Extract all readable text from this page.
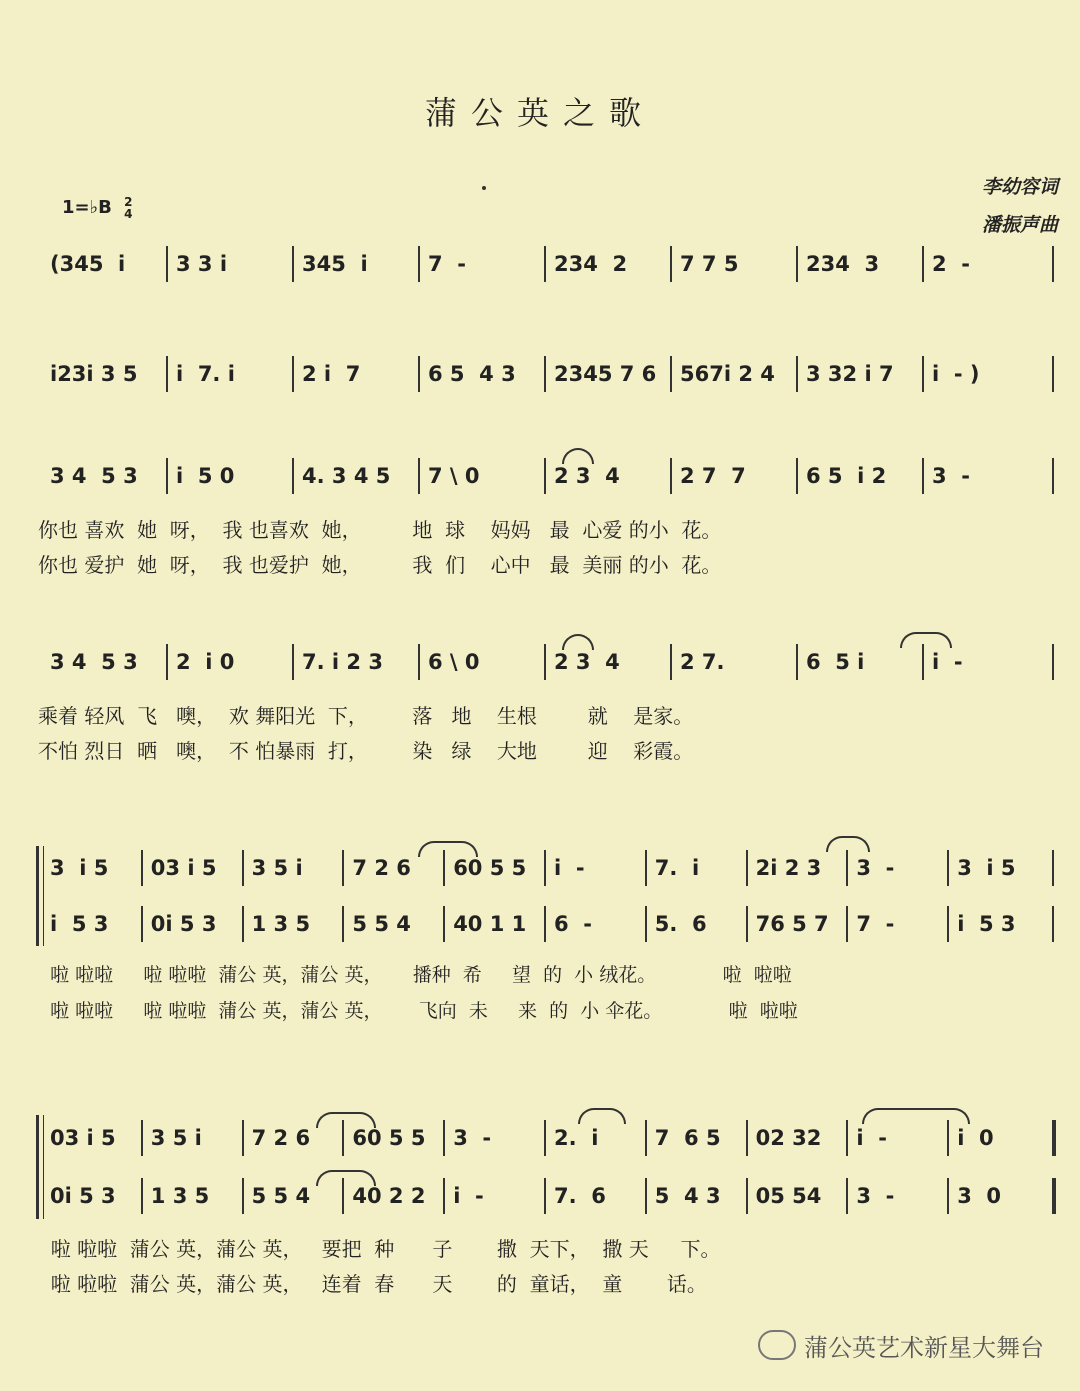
蒲公英之歌
李幼容词
潘振声曲
1=♭B 2
4
(345  i 3 3 i	345  i	7  -	234  2	7 7 5	234  3	2  -
i23i 3 5 i  7. i	2 i  7	6 5  4 3 2345 7 6 567i 2 4 3 32 i 7 i  - )
3 4  5 3 i  5 0	4. 3 4 5 7 \ 0	2 3  4	2 7  7	6 5  i 2 3  -
3 4  5 3 2  i 0	7. i 2 3 6 \ 0	2 3  4	2 7.	6  5 i	i  -
3  i 5 03 i 5 3 5 i 7 2 6 60 5 5 i  -	7.  i	2i 2 3 3  -	3  i 5
i  5 3 0i 5 3 1 3 5 5 5 4 40 1 1 6  -	5.  6 76 5 7 7  -	i  5 3
03 i 5 3 5 i 7 2 6 60 5 5 3  -	2.  i	7  6 5 02 32 i  -	i  0
0i 5 3 1 3 5 5 5 4 40 2 2 i  -	7.  6 5  4 3 05 54 3  -	3  0
你也 喜欢  她  呀，  我 也喜欢  她，        地  球    妈妈   最  心爱 的小  花。
你也 爱护  她  呀，  我 也爱护  她，        我  们    心中   最  美丽 的小  花。
乘着 轻风  飞   噢，  欢 舞阳光  下，       落   地    生根        就    是家。
不怕 烈日  晒   噢，  不 怕暴雨  打，       染   绿    大地        迎    彩霞。
啦 啦啦     啦 啦啦  蒲公 英，蒲公 英，     播种  希     望  的  小 绒花。           啦  啦啦
啦 啦啦     啦 啦啦  蒲公 英，蒲公 英，      飞向  未     来  的  小 伞花。           啦  啦啦
啦 啦啦  蒲公 英，蒲公 英，   要把  种      子       撒  天下，  撒 天     下。
啦 啦啦  蒲公 英，蒲公 英，   连着  春      天       的  童话，  童       话。
蒲公英艺术新星大舞台
